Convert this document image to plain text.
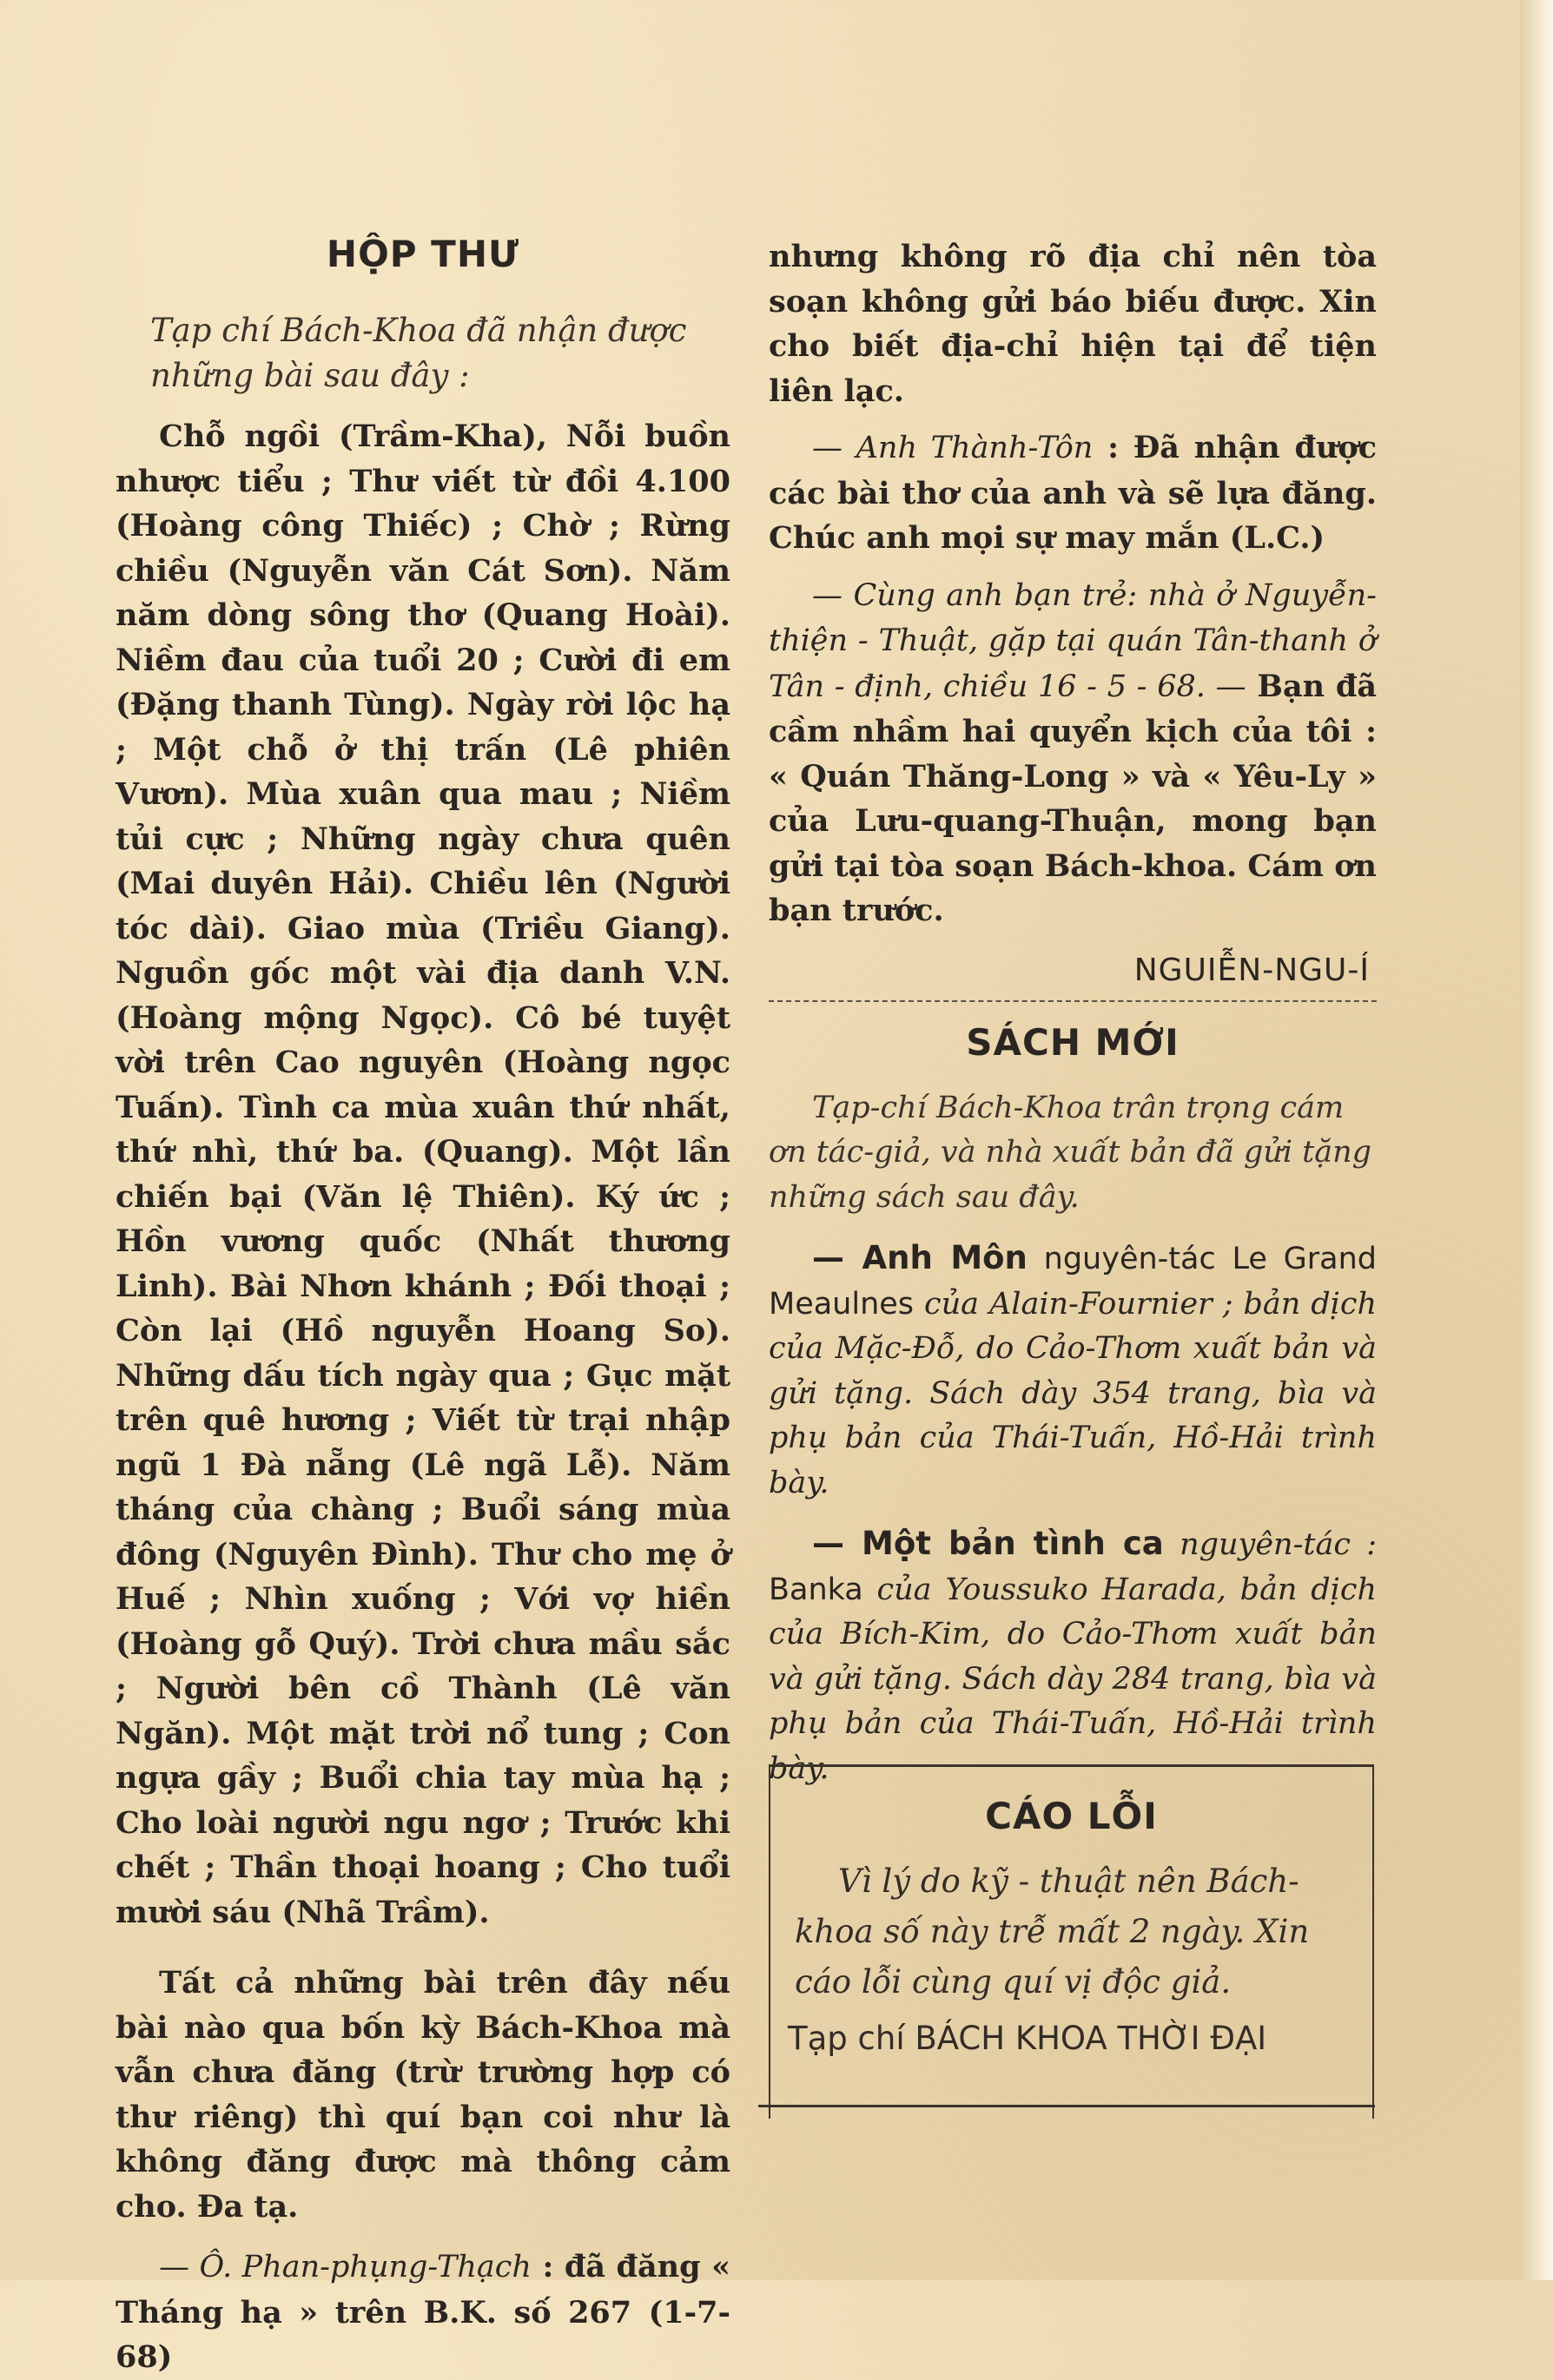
HỘP THƯ

Tạp chí Bách-Khoa đã nhận được những bài sau đây :

Chỗ ngồi (Trầm-Kha), Nỗi buồn nhược tiểu ; Thư viết từ đồi 4.100 (Hoàng công Thiếc) ; Chờ ; Rừng chiều (Nguyễn văn Cát Sơn). Năm năm dòng sông thơ (Quang Hoài). Niềm đau của tuổi 20 ; Cười đi em (Đặng thanh Tùng). Ngày rời lộc hạ ; Một chỗ ở thị trấn (Lê phiên Vươn). Mùa xuân qua mau ; Niềm tủi cực ; Những ngày chưa quên (Mai duyên Hải). Chiều lên (Người tóc dài). Giao mùa (Triều Giang). Nguồn gốc một vài địa danh V.N. (Hoàng mộng Ngọc). Cô bé tuyệt vời trên Cao nguyên (Hoàng ngọc Tuấn). Tình ca mùa xuân thứ nhất, thứ nhì, thứ ba. (Quang). Một lần chiến bại (Văn lệ Thiên). Ký ức ; Hồn vương quốc (Nhất thương Linh). Bài Nhơn khánh ; Đối thoại ; Còn lại (Hồ nguyễn Hoang So). Những dấu tích ngày qua ; Gục mặt trên quê hương ; Viết từ trại nhập ngũ 1 Đà nẵng (Lê ngã Lễ). Năm tháng của chàng ; Buổi sáng mùa đông (Nguyên Đình). Thư cho mẹ ở Huế ; Nhìn xuống ; Với vợ hiền (Hoàng gỗ Quý). Trời chưa mầu sắc ; Người bên cồ Thành (Lê văn Ngăn). Một mặt trời nổ tung ; Con ngựa gầy ; Buổi chia tay mùa hạ ; Cho loài người ngu ngơ ; Trước khi chết ; Thần thoại hoang ; Cho tuổi mười sáu (Nhã Trầm).

Tất cả những bài trên đây nếu bài nào qua bốn kỳ Bách-Khoa mà vẫn chưa đăng (trừ trường hợp có thư riêng) thì quí bạn coi như là không đăng được mà thông cảm cho. Đa tạ.

— Ô. Phan-phụng-Thạch : đã đăng « Tháng hạ » trên B.K. số 267 (1-7-68)

nhưng không rõ địa chỉ nên tòa soạn không gửi báo biếu được. Xin cho biết địa-chỉ hiện tại để tiện liên lạc.

— Anh Thành-Tôn : Đã nhận được các bài thơ của anh và sẽ lựa đăng. Chúc anh mọi sự may mắn (L.C.)

— Cùng anh bạn trẻ: nhà ở Nguyễn-thiện - Thuật, gặp tại quán Tân-thanh ở Tân - định, chiều 16 - 5 - 68. — Bạn đã cầm nhầm hai quyển kịch của tôi : « Quán Thăng-Long » và « Yêu-Ly » của Lưu-quang-Thuận, mong bạn gửi tại tòa soạn Bách-khoa. Cám ơn bạn trước.

NGUIỄN-NGU-Í

SÁCH MỚI

Tạp-chí Bách-Khoa trân trọng cám ơn tác-giả, và nhà xuất bản đã gửi tặng những sách sau đây.

— Anh Môn nguyên-tác Le Grand Meaulnes của Alain-Fournier ; bản dịch của Mặc-Đỗ, do Cảo-Thơm xuất bản và gửi tặng. Sách dày 354 trang, bìa và phụ bản của Thái-Tuấn, Hồ-Hải trình bày.

— Một bản tình ca nguyên-tác : Banka của Youssuko Harada, bản dịch của Bích-Kim, do Cảo-Thơm xuất bản và gửi tặng. Sách dày 284 trang, bìa và phụ bản của Thái-Tuấn, Hồ-Hải trình bày.

CÁO LỖI

Vì lý do kỹ - thuật nên Bách-khoa số này trễ mất 2 ngày. Xin cáo lỗi cùng quí vị độc giả.

Tạp chí BÁCH KHOA THỜI ĐẠI
